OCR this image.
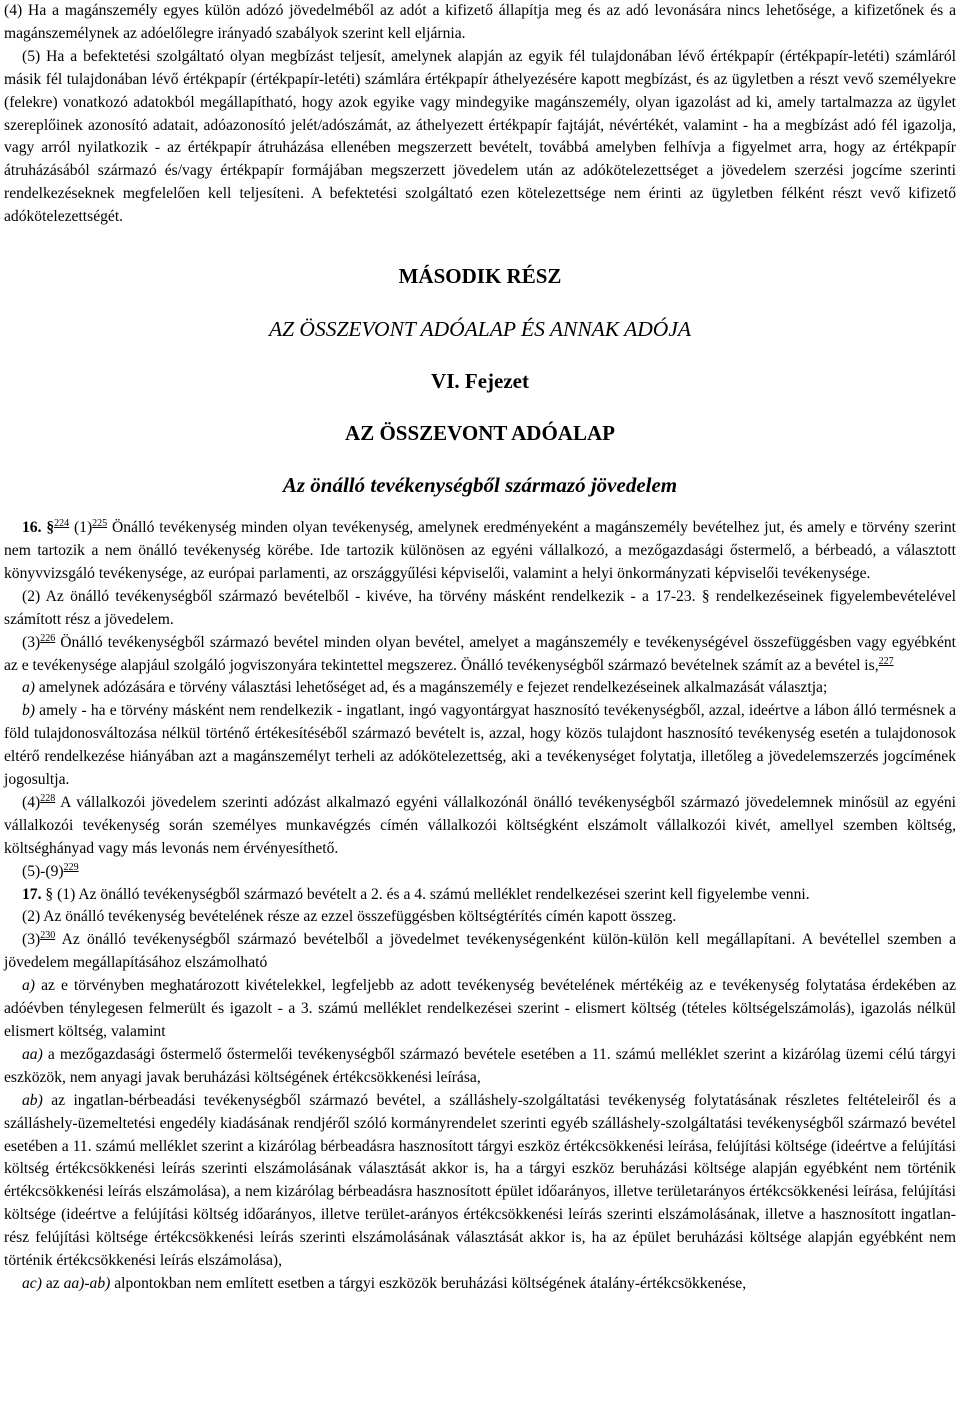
(4) Ha a magánszemély egyes külön adózó jövedelméből az adót a kifizető állapítja meg és az adó levonására nincs lehetősége, a kifizetőnek és a magánszemélynek az adóelőlegre irányadó szabályok szerint kell eljárnia.

(5) Ha a befektetési szolgáltató olyan megbízást teljesít, amelynek alapján az egyik fél tulajdonában lévő értékpapír (értékpapír-letéti) számláról másik fél tulajdonában lévő értékpapír (értékpapír-letéti) számlára értékpapír áthelyezésére kapott megbízást, és az ügyletben a részt vevő személyekre (felekre) vonatkozó adatokból megállapítható, hogy azok egyike vagy mindegyike magánszemély, olyan igazolást ad ki, amely tartalmazza az ügylet szereplőinek azonosító adatait, adóazonosító jelét/adószámát, az áthelyezett értékpapír fajtáját, névértékét, valamint - ha a megbízást adó fél igazolja, vagy arról nyilatkozik - az értékpapír átruházása ellenében megszerzett bevételt, továbbá amelyben felhívja a figyelmet arra, hogy az értékpapír átruházásából származó és/vagy értékpapír formájában megszerzett jövedelem után az adókötelezettséget a jövedelem szerzési jogcíme szerinti rendelkezéseknek megfelelően kell teljesíteni. A befektetési szolgáltató ezen kötelezettsége nem érinti az ügyletben félként részt vevő kifizető adókötelezettségét.

MÁSODIK RÉSZ

AZ ÖSSZEVONT ADÓALAP ÉS ANNAK ADÓJA

VI. Fejezet

AZ ÖSSZEVONT ADÓALAP

Az önálló tevékenységből származó jövedelem

16. §$^{224}$ $(1)^{225}$ Önálló tevékenység minden olyan tevékenység, amelynek eredményeként a magánszemély bevételhez jut, és amely e törvény szerint nem tartozik a nem önálló tevékenység körébe. Ide tartozik különösen az egyéni vállalkozó, a mezőgazdasági őstermelő, a bérbeadó, a választott könyvvizsgáló tevékenysége, az európai parlamenti, az országgyűlési képviselői, valamint a helyi önkormányzati képviselői tevékenysége.

(2) Az önálló tevékenységből származó bevételből - kivéve, ha törvény másként rendelkezik - a 17-23. § rendelkezéseinek figyelembevételével számított rész a jövedelem.

$(3)^{226}$ Önálló tevékenységből származó bevétel minden olyan bevétel, amelyet a magánszemély e tevékenységével összefüggésben vagy egyébként az e tevékenysége alapjául szolgáló jogviszonyára tekintettel megszerez. Önálló tevékenységből származó bevételnek számít az a bevétel is,$^{227}$

a) amelynek adózására e törvény választási lehetőséget ad, és a magánszemély e fejezet rendelkezéseinek alkalmazását választja;

b) amely - ha e törvény másként nem rendelkezik - ingatlant, ingó vagyontárgyat hasznosító tevékenységből, azzal, ideértve a lábon álló termésnek a föld tulajdonosváltozása nélkül történő értékesítéséből származó bevételt is, azzal, hogy közös tulajdont hasznosító tevékenység esetén a tulajdonosok eltérő rendelkezése hiányában azt a magánszemélyt terheli az adókötelezettség, aki a tevékenységet folytatja, illetőleg a jövedelemszerzés jogcímének jogosultja.

$(4)^{228}$ A vállalkozói jövedelem szerinti adózást alkalmazó egyéni vállalkozónál önálló tevékenységből származó jövedelemnek minősül az egyéni vállalkozói tevékenység során személyes munkavégzés címén vállalkozói költségként elszámolt vállalkozói kivét, amellyel szemben költség, költséghányad vagy más levonás nem érvényesíthető.

$(5)-(9)^{229}$

17. § (1) Az önálló tevékenységből származó bevételt a 2. és a 4. számú melléklet rendelkezései szerint kell figyelembe venni.

(2) Az önálló tevékenység bevételének része az ezzel összefüggésben költségtérítés címén kapott összeg.

$(3)^{230}$ Az önálló tevékenységből származó bevételből a jövedelmet tevékenységenként külön-külön kell megállapítani. A bevétellel szemben a jövedelem megállapításához elszámolható

a) az e törvényben meghatározott kivételekkel, legfeljebb az adott tevékenység bevételének mértékéig az e tevékenység folytatása érdekében az adóévben ténylegesen felmerült és igazolt - a 3. számú melléklet rendelkezései szerint - elismert költség (tételes költségelszámolás), igazolás nélkül elismert költség, valamint

aa) a mezőgazdasági őstermelő őstermelői tevékenységből származó bevétele esetében a 11. számú melléklet szerint a kizárólag üzemi célú tárgyi eszközök, nem anyagi javak beruházási költségének értékcsökkenési leírása,

ab) az ingatlan-bérbeadási tevékenységből származó bevétel, a szálláshely-szolgáltatási tevékenység folytatásának részletes feltételeiről és a szálláshely-üzemeltetési engedély kiadásának rendjéről szóló kormányrendelet szerinti egyéb szálláshely-szolgáltatási tevékenységből származó bevétel esetében a 11. számú melléklet szerint a kizárólag bérbeadásra hasznosított tárgyi eszköz értékcsökkenési leírása, felújítási költsége (ideértve a felújítási költség értékcsökkenési leírás szerinti elszámolásának választását akkor is, ha a tárgyi eszköz beruházási költsége alapján egyébként nem történik értékcsökkenési leírás elszámolása), a nem kizárólag bérbeadásra hasznosított épület időarányos, illetve területarányos értékcsökkenési leírása, felújítási költsége (ideértve a felújítási költség időarányos, illetve terület-arányos értékcsökkenési leírás szerinti elszámolásának, illetve a hasznosított ingatlan-rész felújítási költsége értékcsökkenési leírás szerinti elszámolásának választását akkor is, ha az épület beruházási költsége alapján egyébként nem történik értékcsökkenési leírás elszámolása),

ac) az aa)-ab) alpontokban nem említett esetben a tárgyi eszközök beruházási költségének átalány-értékcsökkenése,
